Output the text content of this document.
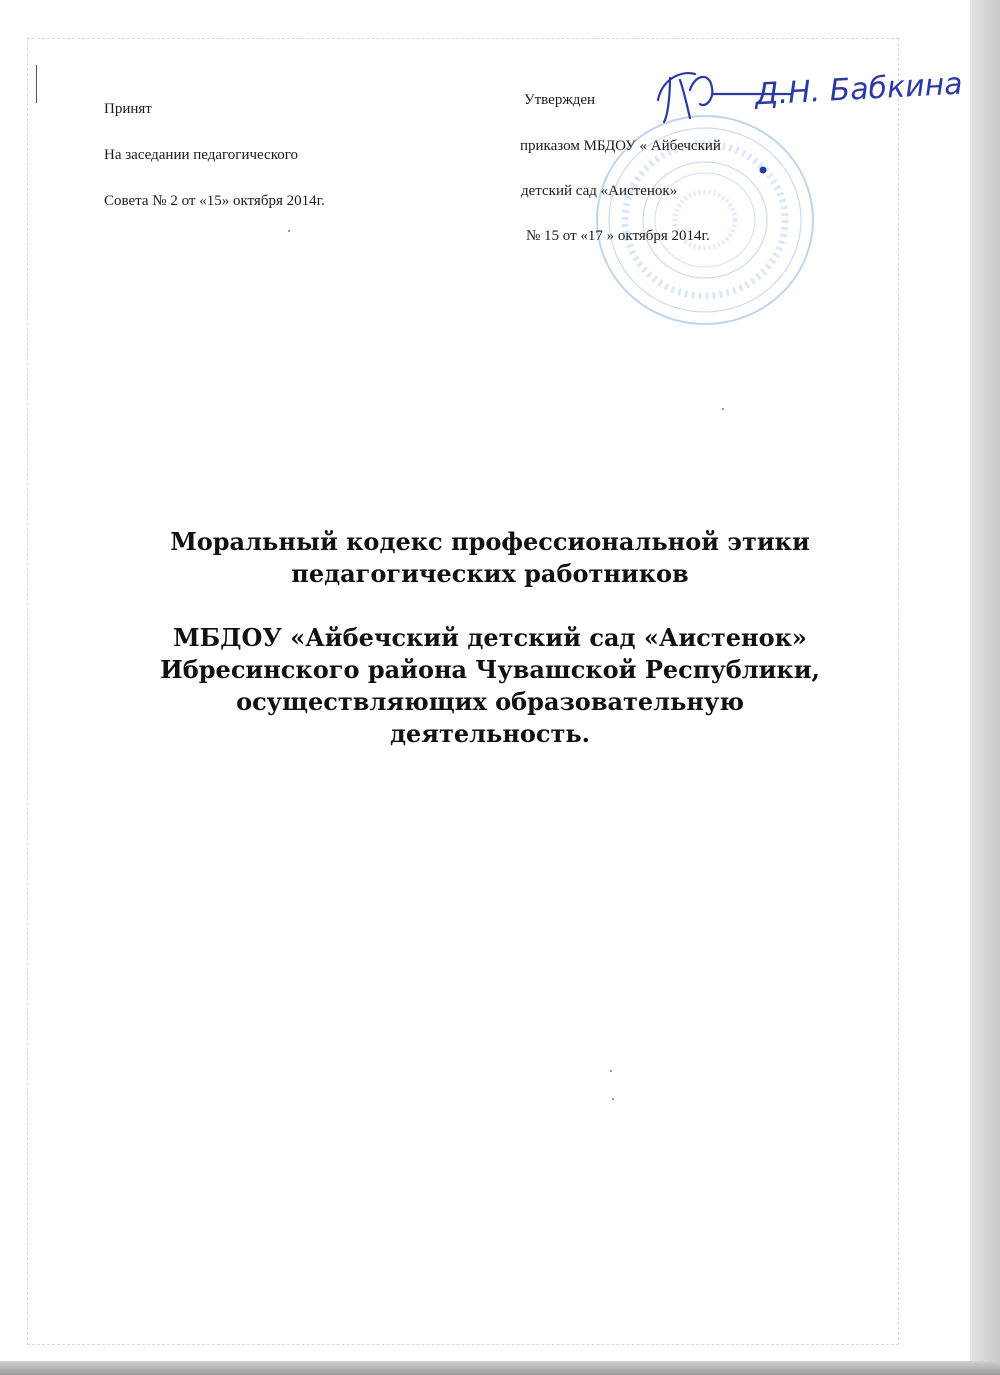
Принят
На заседании педагогического
Совета № 2 от «15» октября 2014г.
Д.Н. Бабкина
Утвержден
приказом МБДОУ « Айбечский
детский сад «Аистенок»
№ 15 от «17 » октября 2014г.
Моральный кодекс профессиональной этики
педагогических работников
МБДОУ «Айбечский детский сад «Аистенок»
Ибресинского района Чувашской Республики,
осуществляющих образовательную
деятельность.
